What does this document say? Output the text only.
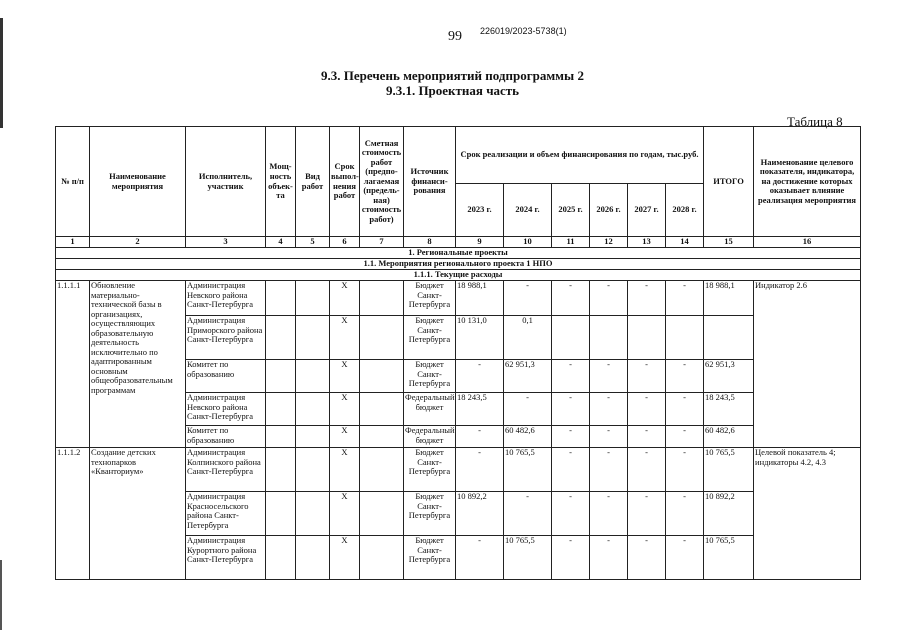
99 226019/2023-5738(1)
9.3. Перечень мероприятий подпрограммы 2
9.3.1. Проектная часть
Таблица 8
№ п/п	Наименование мероприятия	Исполнитель, участник	Мощ-ность объек-та	Вид работ	Срок выпол-нения работ	Сметная стоимость работ (предпо-лагаемая (предель-ная) стоимость работ)	Источник финанси-рования	Срок реализации и объем финансирования по годам, тыс.руб.						ИТОГО	Наименование целевого показателя, индикатора, на достижение которых оказывает влияние реализация мероприятия
								2023 г.	2024 г.	2025 г.	2026 г.	2027 г.	2028 г.		
1	2	3	4	5	6	7	8	9	10	11	12	13	14	15	16
1. Региональные проекты															
1.1. Мероприятия регионального проекта 1 НПО															
1.1.1. Текущие расходы															
1.1.1.1	Обновление материально-технической базы в организациях, осуществляющих образовательную деятельность исключительно по адаптированным основным общеобразовательным программам	Администрация Невского района Санкт-Петербурга			X		Бюджет Санкт-Петербурга	18 988,1	-	-	-	-	-	18 988,1	Индикатор 2.6
		Администрация Приморского района Санкт-Петербурга			X		Бюджет Санкт-Петербурга	10 131,0	0,1						
		Комитет по образованию			X		Бюджет Санкт-Петербурга	-	62 951,3	-	-	-	-	62 951,3	
		Администрация Невского района Санкт-Петербурга			X		Федеральный бюджет	18 243,5	-	-	-	-	-	18 243,5	
		Комитет по образованию			X		Федеральный бюджет	-	60 482,6	-	-	-	-	60 482,6	
1.1.1.2	Создание детских технопарков «Кванториум»	Администрация Колпинского района Санкт-Петербурга			X		Бюджет Санкт-Петербурга	-	10 765,5	-	-	-	-	10 765,5	Целевой показатель 4; индикаторы 4.2, 4.3
		Администрация Красносельского района Санкт-Петербурга			X		Бюджет Санкт-Петербурга	10 892,2	-	-	-	-	-	10 892,2	
		Администрация Курортного района Санкт-Петербурга			X		Бюджет Санкт-Петербурга	-	10 765,5	-	-	-	-	10 765,5	
